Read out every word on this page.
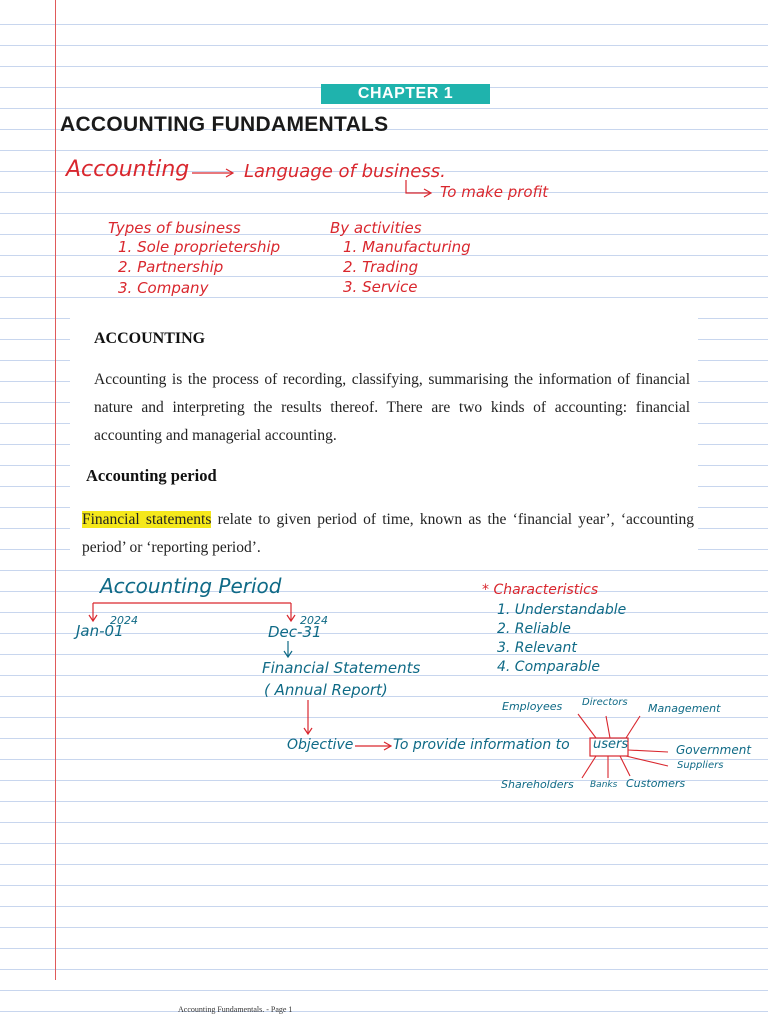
CHAPTER 1
ACCOUNTING FUNDAMENTALS
Accounting	Language of business.
To make profit
Types of business
1. Sole proprietership
2. Partnership
3. Company
By activities
1. Manufacturing
2. Trading
3. Service
ACCOUNTING
Accounting is the process of recording, classifying, summarising the information of financial nature and interpreting the results thereof. There are two kinds of accounting: financial accounting and managerial accounting.
Accounting period
Financial statements relate to given period of time, known as the ‘financial year’, ‘accounting period’ or ‘reporting period’.
Accounting Period
2024
Jan-01
2024
Dec-31
Financial Statements
( Annual Report)
Objective	To provide information to users
* Characteristics
1. Understandable
2. Reliable
3. Relevant
4. Comparable
Employees Directors Management
Government
Suppliers
Shareholders Banks Customers
Accounting Fundamentals. - Page 1
